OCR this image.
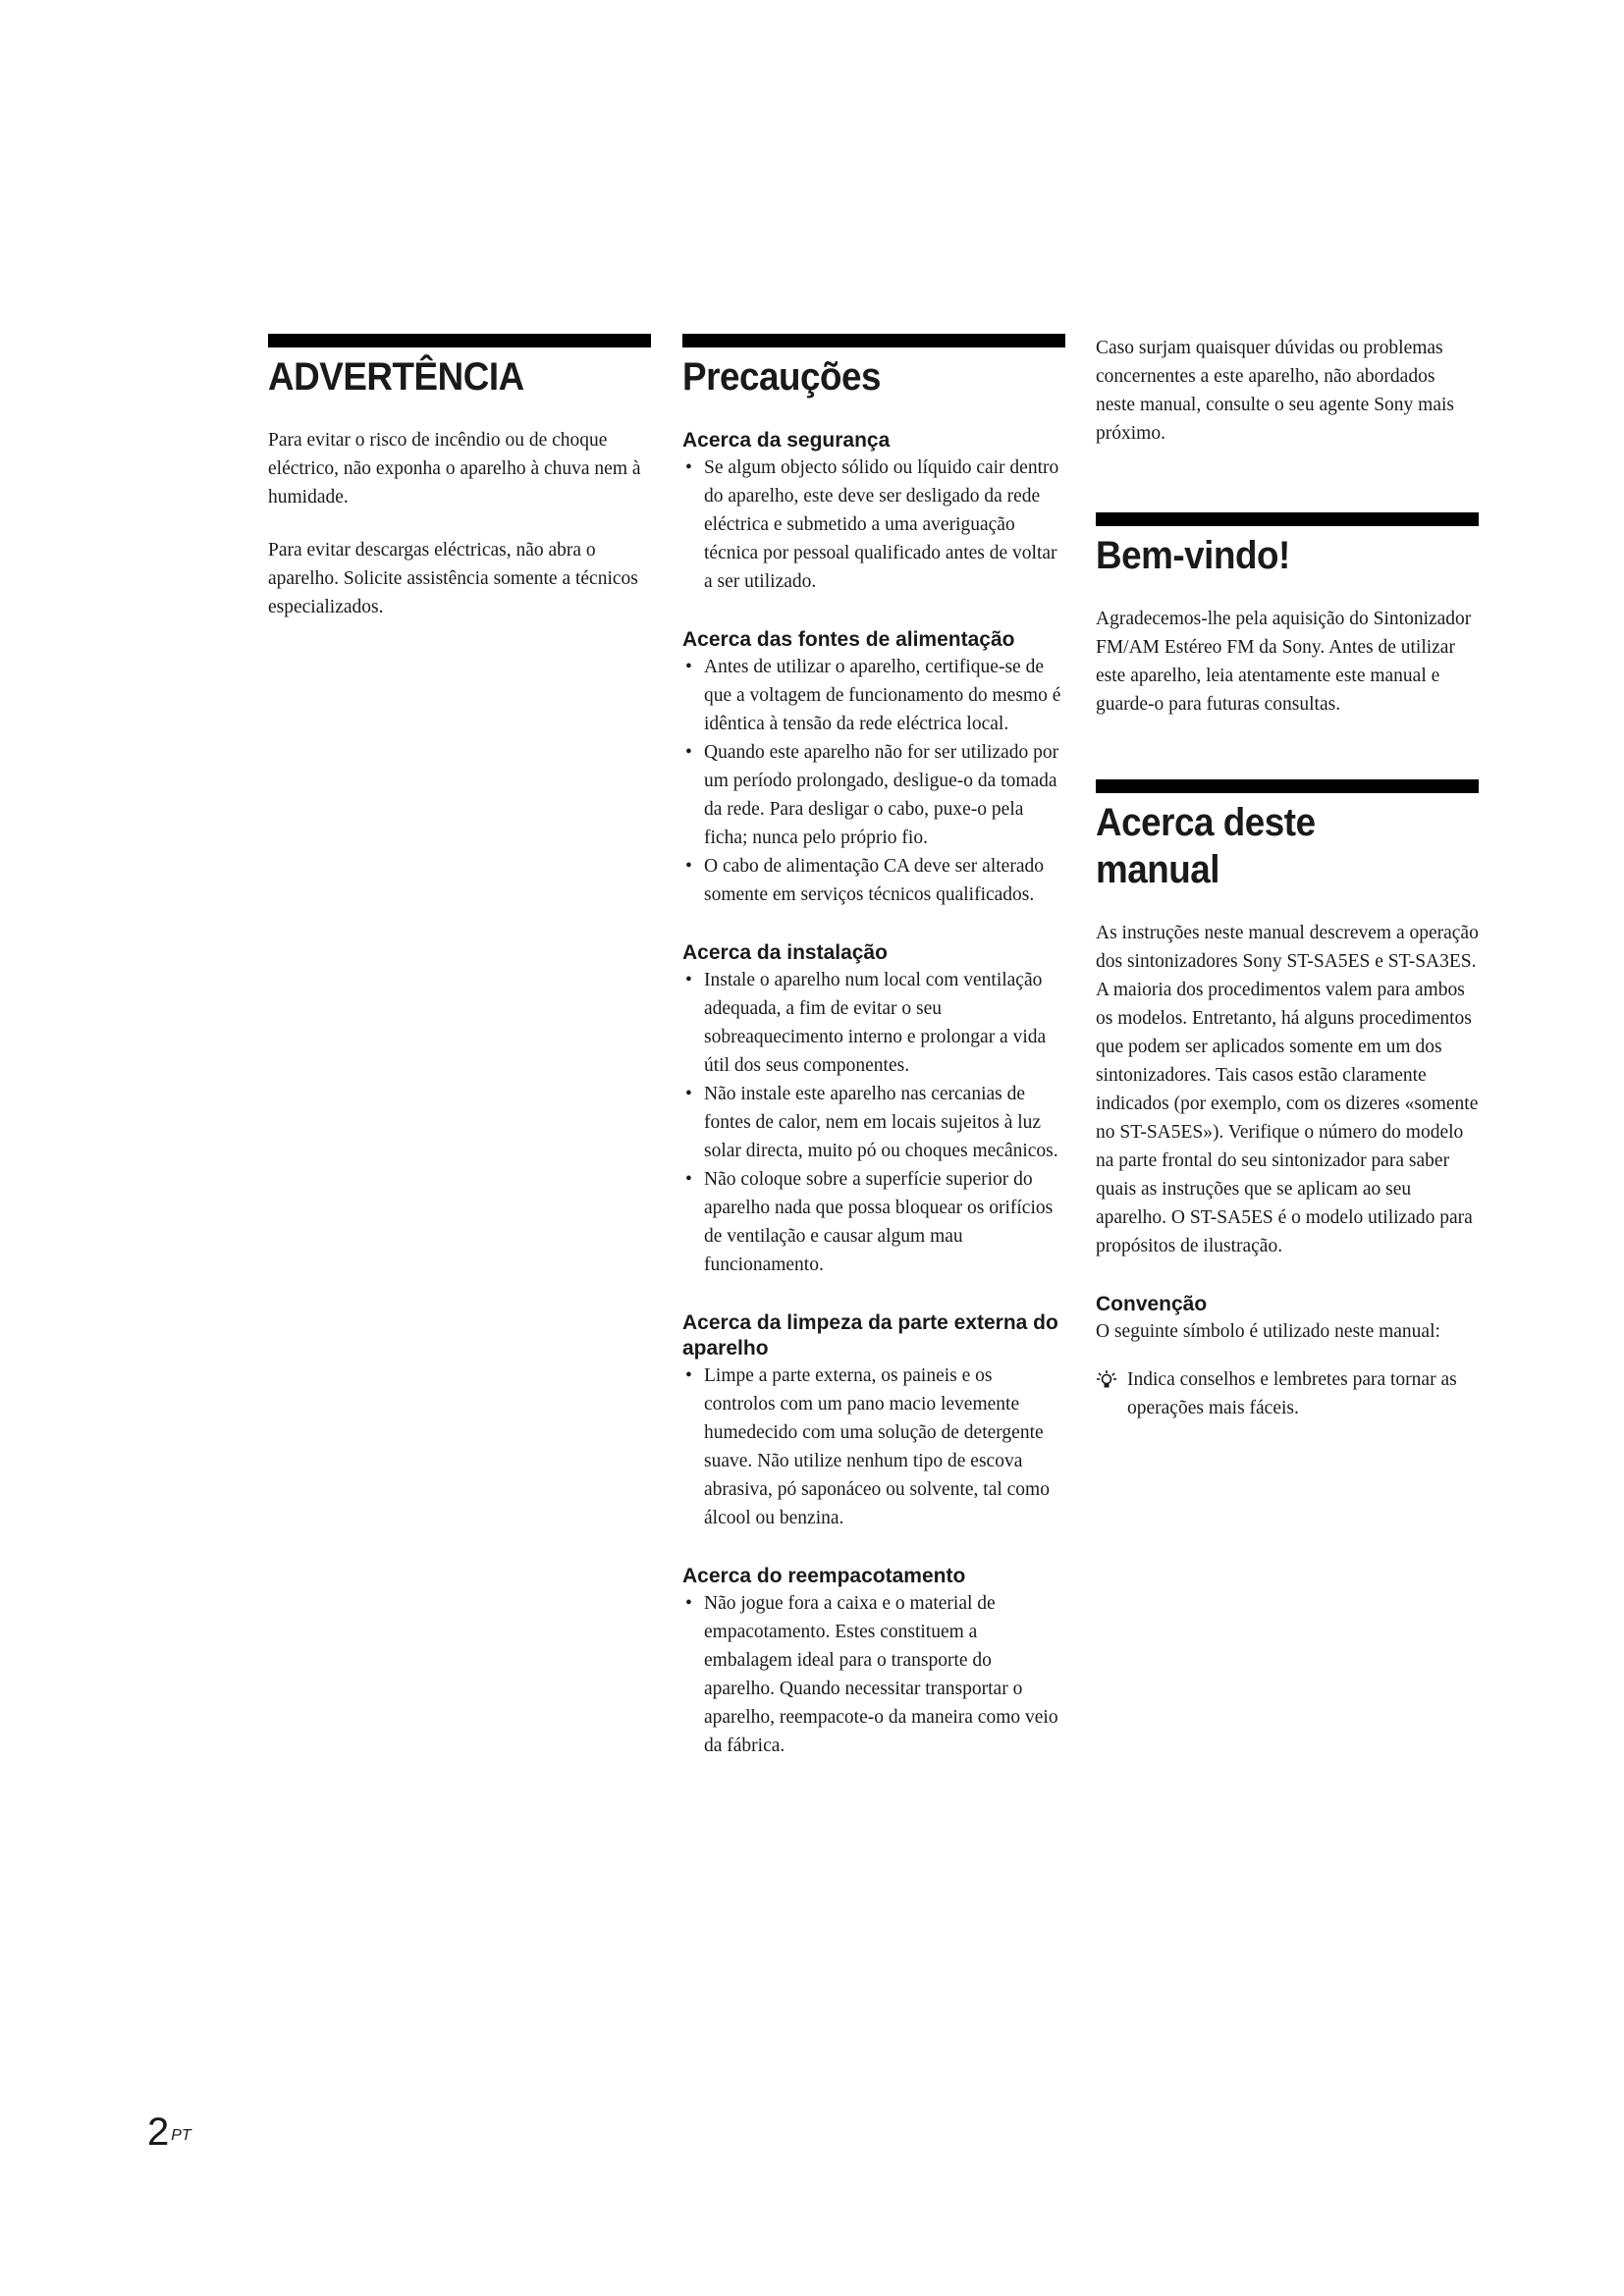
ADVERTÊNCIA

Para evitar o risco de incêndio ou de choque eléctrico, não exponha o aparelho à chuva nem à humidade.

Para evitar descargas eléctricas, não abra o aparelho. Solicite assistência somente a técnicos especializados.

Precauções
Acerca da segurança
• Se algum objecto sólido ou líquido cair dentro do aparelho, este deve ser desligado da rede eléctrica e submetido a uma averiguação técnica por pessoal qualificado antes de voltar a ser utilizado.
Acerca das fontes de alimentação
• Antes de utilizar o aparelho, certifique-se de que a voltagem de funcionamento do mesmo é idêntica à tensão da rede eléctrica local.
• Quando este aparelho não for ser utilizado por um período prolongado, desligue-o da tomada da rede. Para desligar o cabo, puxe-o pela ficha; nunca pelo próprio fio.
• O cabo de alimentação CA deve ser alterado somente em serviços técnicos qualificados.
Acerca da instalação
• Instale o aparelho num local com ventilação adequada, a fim de evitar o seu sobreaquecimento interno e prolongar a vida útil dos seus componentes.
• Não instale este aparelho nas cercanias de fontes de calor, nem em locais sujeitos à luz solar directa, muito pó ou choques mecânicos.
• Não coloque sobre a superfície superior do aparelho nada que possa bloquear os orifícios de ventilação e causar algum mau funcionamento.
Acerca da limpeza da parte externa do aparelho
• Limpe a parte externa, os paineis e os controlos com um pano macio levemente humedecido com uma solução de detergente suave. Não utilize nenhum tipo de escova abrasiva, pó saponáceo ou solvente, tal como álcool ou benzina.
Acerca do reempacotamento
• Não jogue fora a caixa e o material de empacotamento. Estes constituem a embalagem ideal para o transporte do aparelho. Quando necessitar transportar o aparelho, reempacote-o da maneira como veio da fábrica.

Caso surjam quaisquer dúvidas ou problemas concernentes a este aparelho, não abordados neste manual, consulte o seu agente Sony mais próximo.

Bem-vindo!

Agradecemos-lhe pela aquisição do Sintonizador FM/AM Estéreo FM da Sony. Antes de utilizar este aparelho, leia atentamente este manual e guarde-o para futuras consultas.

Acerca deste manual

As instruções neste manual descrevem a operação dos sintonizadores Sony ST-SA5ES e ST-SA3ES. A maioria dos procedimentos valem para ambos os modelos. Entretanto, há alguns procedimentos que podem ser aplicados somente em um dos sintonizadores. Tais casos estão claramente indicados (por exemplo, com os dizeres «somente no ST-SA5ES»). Verifique o número do modelo na parte frontal do seu sintonizador para saber quais as instruções que se aplicam ao seu aparelho. O ST-SA5ES é o modelo utilizado para propósitos de ilustração.

Convenção

O seguinte símbolo é utilizado neste manual:

Indica conselhos e lembretes para tornar as operações mais fáceis.
2 $^{PT}$
